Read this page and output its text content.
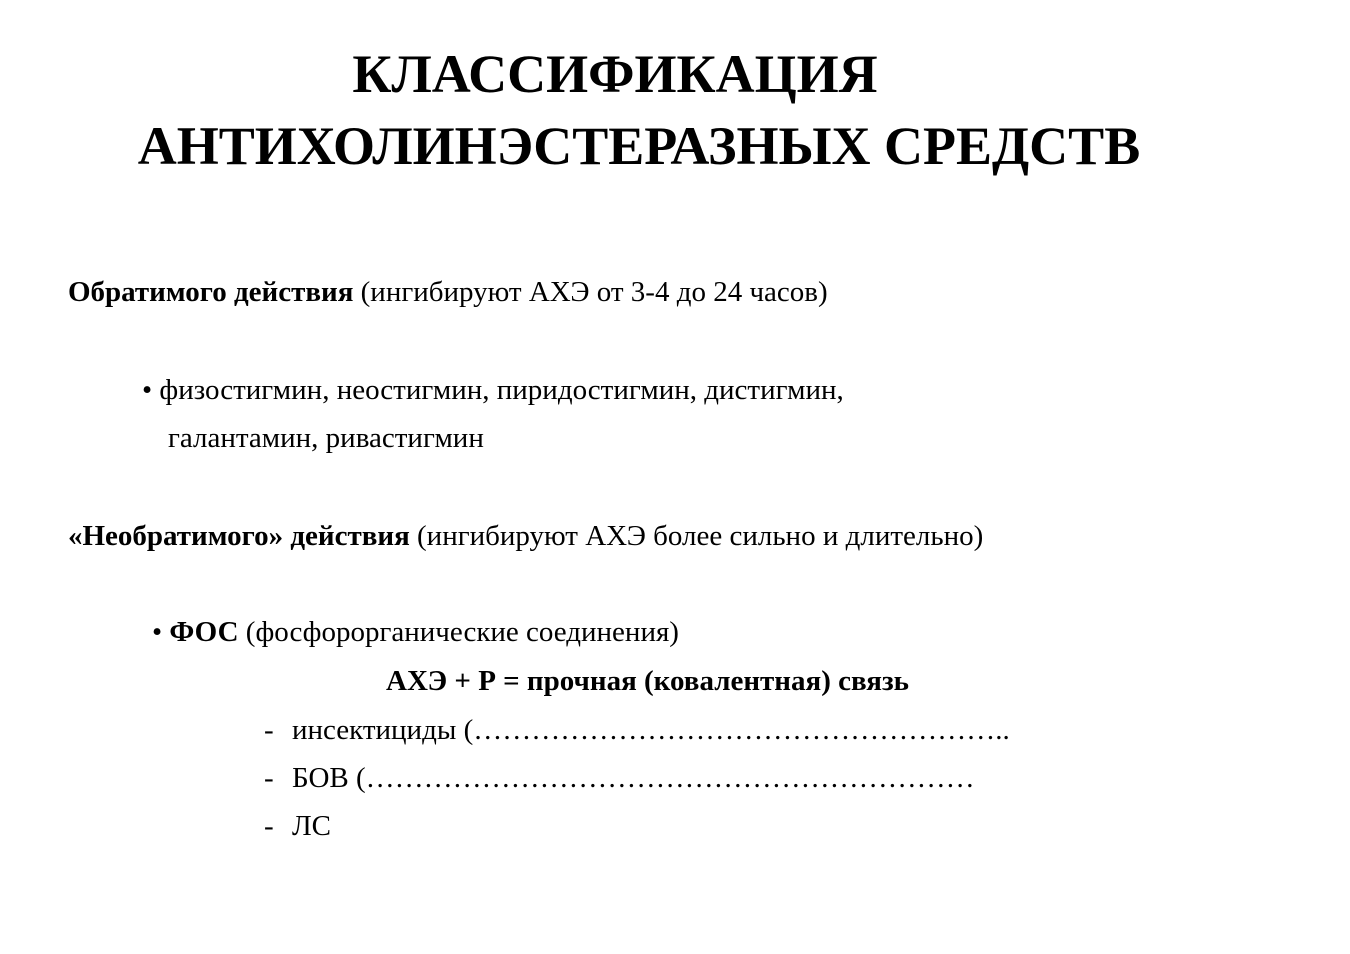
КЛАССИФИКАЦИЯ
АНТИХОЛИНЭСТЕРАЗНЫХ СРЕДСТВ
Обратимого действия (ингибируют АХЭ от 3-4 до 24 часов)
• физостигмин, неостигмин, пиридостигмин, дистигмин,
галантамин, ривастигмин
«Необратимого» действия (ингибируют АХЭ более сильно и длительно)
• ФОС (фосфорорганические соединения)
АХЭ + Р = прочная (ковалентная) связь
- инсектициды (………………………………………………..
- БОВ (………………………………………………………
- ЛС
